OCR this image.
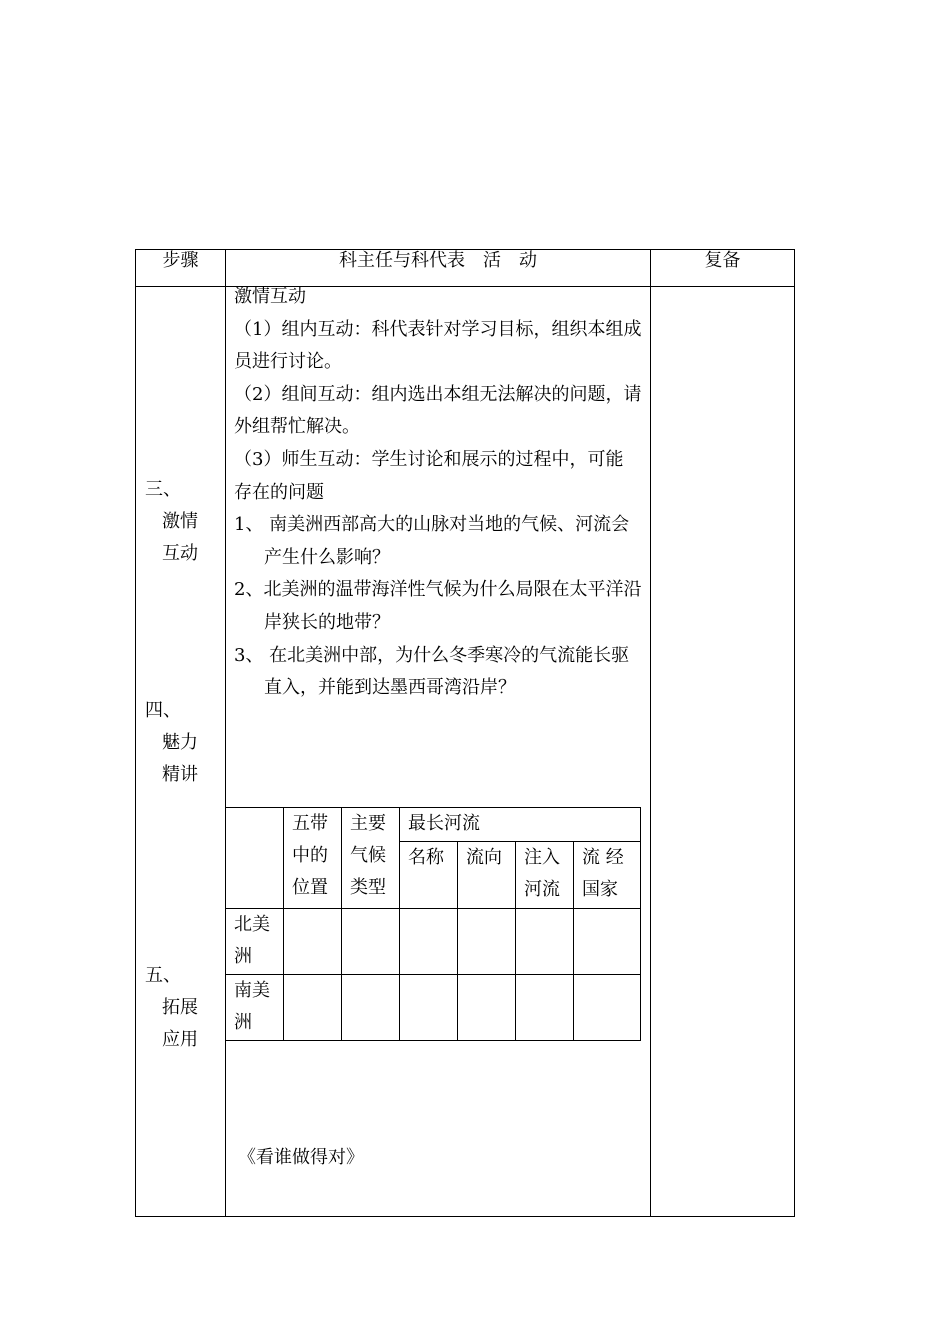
步骤	科主任与科代表　活　动	复备
三、
激情
互动
四、
魅力
精讲
五、
拓展
应用

激情互动

（1）组内互动：科代表针对学习目标，组织本组成员进行讨论。

（2）组间互动：组内选出本组无法解决的问题，请外组帮忙解决。

（3）师生互动：学生讨论和展示的过程中，可能

存在的问题

1、 南美洲西部高大的山脉对当地的气候、河流会产生什么影响？

2、北美洲的温带海洋性气候为什么局限在太平洋沿岸狭长的地带？

3、 在北美洲中部，为什么冬季寒冷的气流能长驱直入，并能到达墨西哥湾沿岸？

	五带中的位置	主要气候类型	最长河流			
			名称	流向	注入河流	流 经国家
北美洲						
南美洲						
《看谁做得对》
